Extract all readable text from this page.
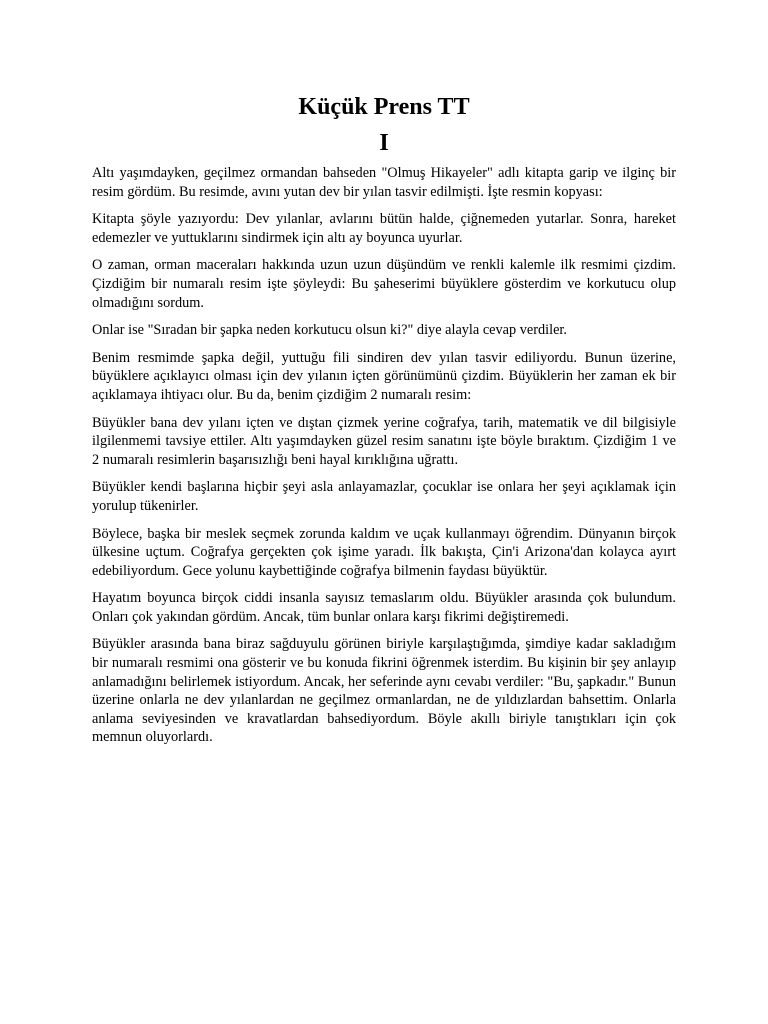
Küçük Prens TT
I

Altı yaşımdayken, geçilmez ormandan bahseden "Olmuş Hikayeler" adlı kitapta garip ve ilginç bir resim gördüm. Bu resimde, avını yutan dev bir yılan tasvir edilmişti. İşte resmin kopyası:

Kitapta şöyle yazıyordu: Dev yılanlar, avlarını bütün halde, çiğnemeden yutarlar. Sonra, hareket edemezler ve yuttuklarını sindirmek için altı ay boyunca uyurlar.

O zaman, orman maceraları hakkında uzun uzun düşündüm ve renkli kalemle ilk resmimi çizdim. Çizdiğim bir numaralı resim işte şöyleydi: Bu şaheserimi büyüklere gösterdim ve korkutucu olup olmadığını sordum.

Onlar ise "Sıradan bir şapka neden korkutucu olsun ki?" diye alayla cevap verdiler.

Benim resmimde şapka değil, yuttuğu fili sindiren dev yılan tasvir ediliyordu. Bunun üzerine, büyüklere açıklayıcı olması için dev yılanın içten görünümünü çizdim. Büyüklerin her zaman ek bir açıklamaya ihtiyacı olur. Bu da, benim çizdiğim 2 numaralı resim:

Büyükler bana dev yılanı içten ve dıştan çizmek yerine coğrafya, tarih, matematik ve dil bilgisiyle ilgilenmemi tavsiye ettiler. Altı yaşımdayken güzel resim sanatını işte böyle bıraktım. Çizdiğim 1 ve 2 numaralı resimlerin başarısızlığı beni hayal kırıklığına uğrattı.

Büyükler kendi başlarına hiçbir şeyi asla anlayamazlar, çocuklar ise onlara her şeyi açıklamak için yorulup tükenirler.

Böylece, başka bir meslek seçmek zorunda kaldım ve uçak kullanmayı öğrendim. Dünyanın birçok ülkesine uçtum. Coğrafya gerçekten çok işime yaradı. İlk bakışta, Çin'i Arizona'dan kolayca ayırt edebiliyordum. Gece yolunu kaybettiğinde coğrafya bilmenin faydası büyüktür.

Hayatım boyunca birçok ciddi insanla sayısız temaslarım oldu. Büyükler arasında çok bulundum. Onları çok yakından gördüm. Ancak, tüm bunlar onlara karşı fikrimi değiştiremedi.

Büyükler arasında bana biraz sağduyulu görünen biriyle karşılaştığımda, şimdiye kadar sakladığım bir numaralı resmimi ona gösterir ve bu konuda fikrini öğrenmek isterdim. Bu kişinin bir şey anlayıp anlamadığını belirlemek istiyordum. Ancak, her seferinde aynı cevabı verdiler: "Bu, şapkadır." Bunun üzerine onlarla ne dev yılanlardan ne geçilmez ormanlardan, ne de yıldızlardan bahsettim. Onlarla anlama seviyesinden ve kravatlardan bahsediyordum. Böyle akıllı biriyle tanıştıkları için çok memnun oluyorlardı.
